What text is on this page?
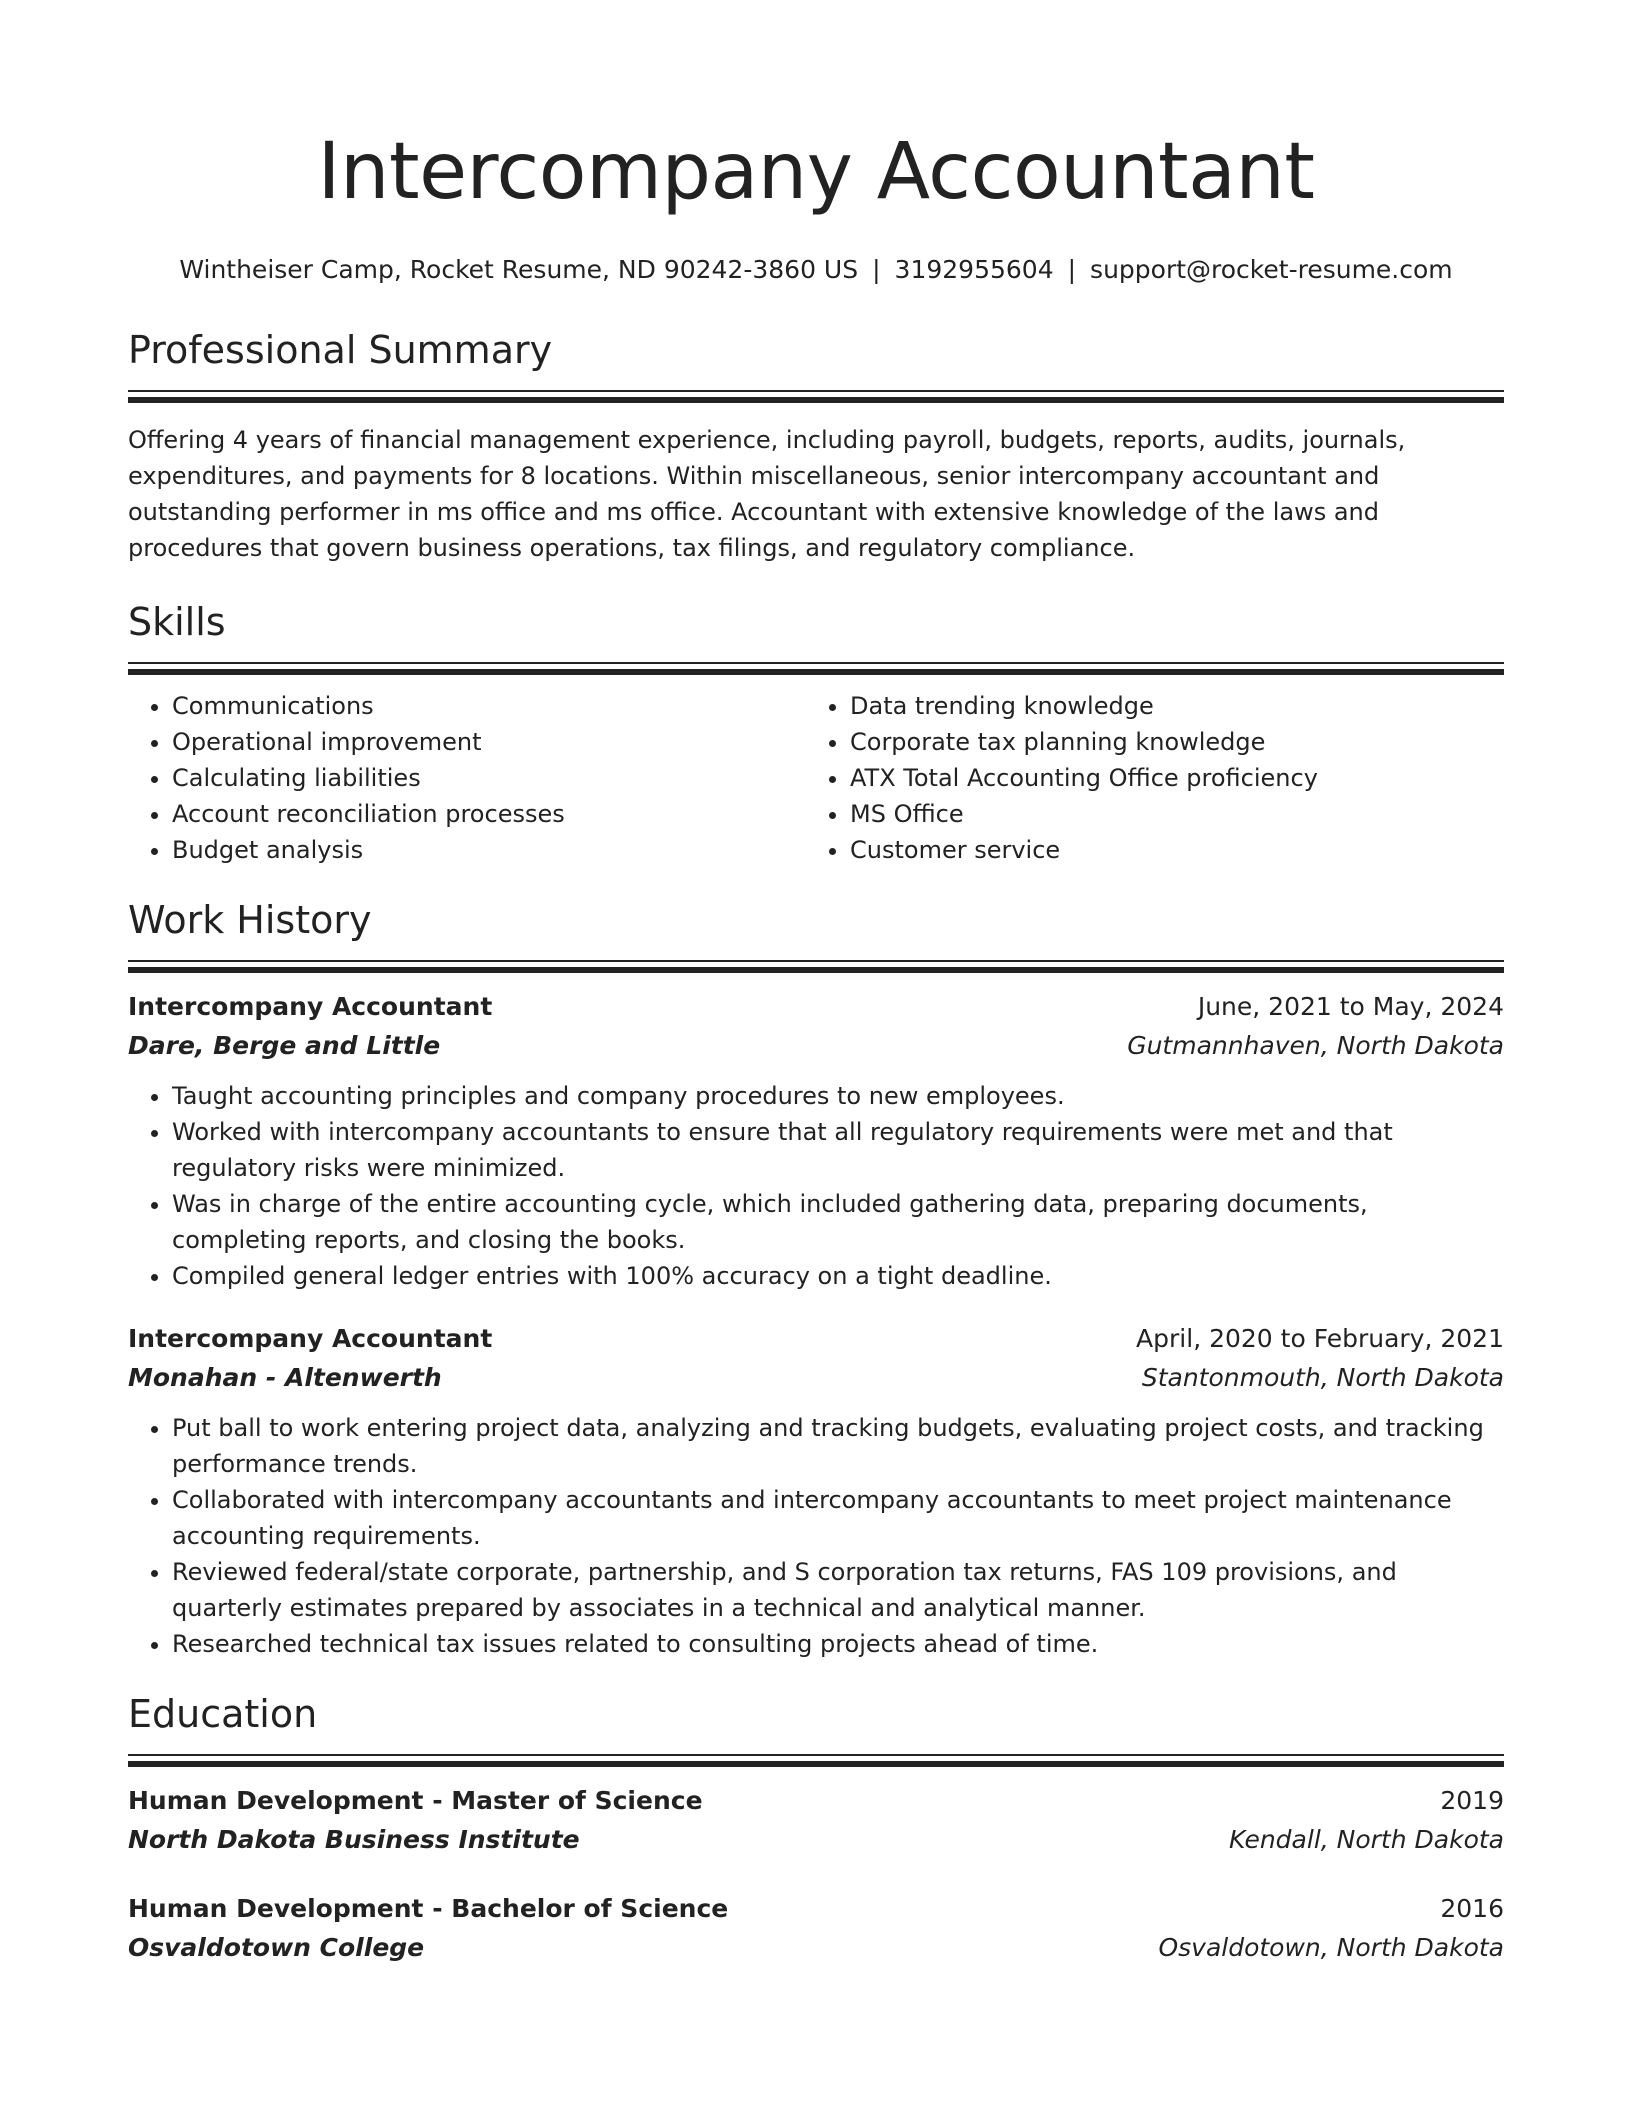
Intercompany Accountant
Wintheiser Camp, Rocket Resume, ND 90242-3860 US | 3192955604 | support@rocket-resume.com
Professional Summary
Offering 4 years of financial management experience, including payroll, budgets, reports, audits, journals, expenditures, and payments for 8 locations. Within miscellaneous, senior intercompany accountant and outstanding performer in ms office and ms office. Accountant with extensive knowledge of the laws and procedures that govern business operations, tax filings, and regulatory compliance.
Skills
• Communications
• Operational improvement
• Calculating liabilities
• Account reconciliation processes
• Budget analysis
• Data trending knowledge
• Corporate tax planning knowledge
• ATX Total Accounting Office proficiency
• MS Office
• Customer service
Work History
Intercompany Accountant	June, 2021 to May, 2024
Dare, Berge and Little	Gutmannhaven, North Dakota
• Taught accounting principles and company procedures to new employees.
• Worked with intercompany accountants to ensure that all regulatory requirements were met and that regulatory risks were minimized.
• Was in charge of the entire accounting cycle, which included gathering data, preparing documents, completing reports, and closing the books.
• Compiled general ledger entries with 100% accuracy on a tight deadline.
Intercompany Accountant	April, 2020 to February, 2021
Monahan - Altenwerth	Stantonmouth, North Dakota
• Put ball to work entering project data, analyzing and tracking budgets, evaluating project costs, and tracking performance trends.
• Collaborated with intercompany accountants and intercompany accountants to meet project maintenance accounting requirements.
• Reviewed federal/state corporate, partnership, and S corporation tax returns, FAS 109 provisions, and quarterly estimates prepared by associates in a technical and analytical manner.
• Researched technical tax issues related to consulting projects ahead of time.
Education
Human Development - Master of Science	2019
North Dakota Business Institute	Kendall, North Dakota
Human Development - Bachelor of Science	2016
Osvaldotown College	Osvaldotown, North Dakota
